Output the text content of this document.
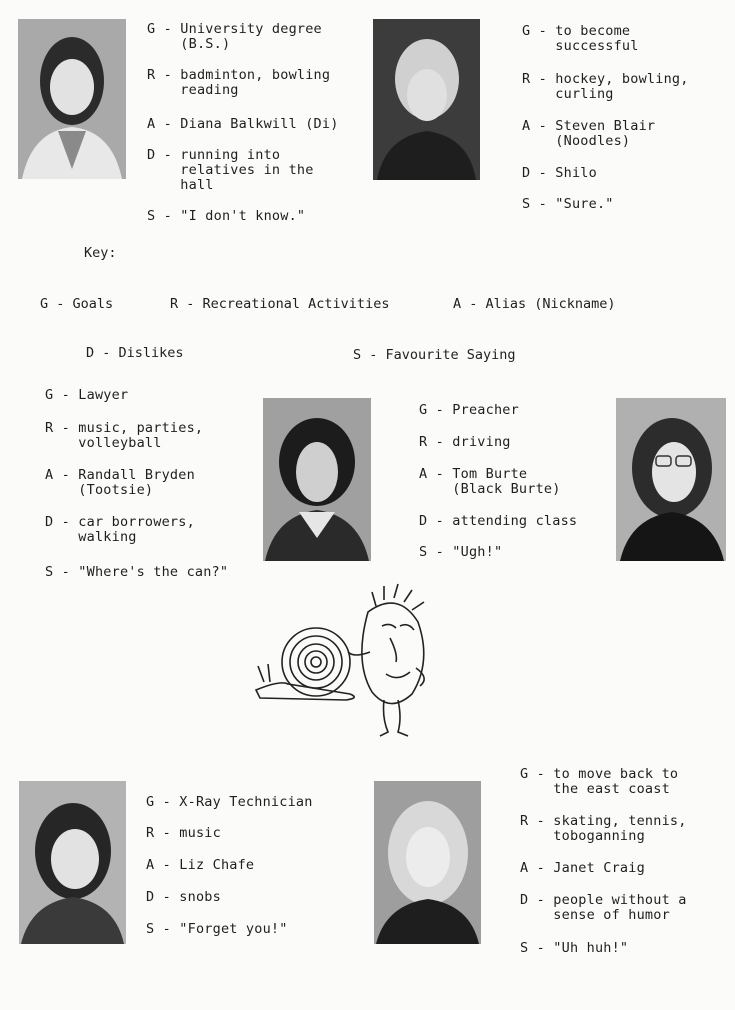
G - University degree
(B.S.)
R - badminton, bowling
reading
A - Diana Balkwill (Di)
D - running into
relatives in the
hall
S - "I don't know."
G - to become
successful
R - hockey, bowling,
curling
A - Steven Blair
(Noodles)
D - Shilo
S - "Sure."
Key:
G - Goals	R - Recreational Activities	A - Alias (Nickname)
D - Dislikes	S - Favourite Saying
G - Lawyer
R - music, parties,
volleyball
A - Randall Bryden
(Tootsie)
D - car borrowers,
walking
S - "Where's the can?"
G - Preacher
R - driving
A - Tom Burte
(Black Burte)
D - attending class
S - "Ugh!"
G - X-Ray Technician
R - music
A - Liz Chafe
D - snobs
S - "Forget you!"
G - to move back to
the east coast
R - skating, tennis,
toboganning
A - Janet Craig
D - people without a
sense of humor
S - "Uh huh!"
